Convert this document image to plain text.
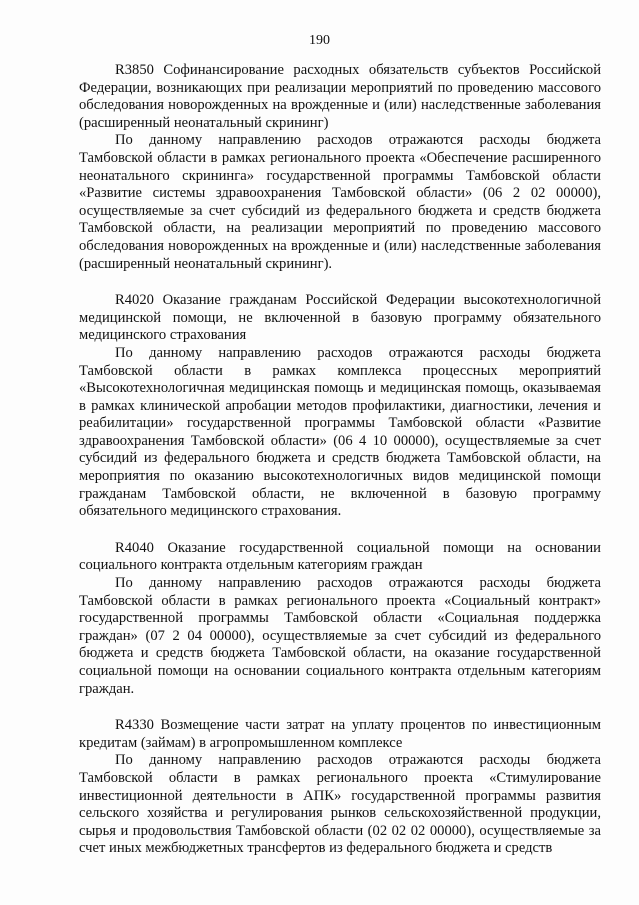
190

R3850 Софинансирование расходных обязательств субъектов Российской Федерации, возникающих при реализации мероприятий по проведению массового обследования новорожденных на врожденные и (или) наследственные заболевания (расширенный неонатальный скрининг)

По данному направлению расходов отражаются расходы бюджета Тамбовской области в рамках регионального проекта «Обеспечение расширенного неонатального скрининга» государственной программы Тамбовской области «Развитие системы здравоохранения Тамбовской области» (06 2 02 00000), осуществляемые за счет субсидий из федерального бюджета и средств бюджета Тамбовской области, на реализации мероприятий по проведению массового обследования новорожденных на врожденные и (или) наследственные заболевания (расширенный неонатальный скрининг).

R4020 Оказание гражданам Российской Федерации высокотехнологичной медицинской помощи, не включенной в базовую программу обязательного медицинского страхования

По данному направлению расходов отражаются расходы бюджета Тамбовской области в рамках комплекса процессных мероприятий «Высокотехнологичная медицинская помощь и медицинская помощь, оказываемая в рамках клинической апробации методов профилактики, диагностики, лечения и реабилитации» государственной программы Тамбовской области «Развитие здравоохранения Тамбовской области» (06 4 10 00000), осуществляемые за счет субсидий из федерального бюджета и средств бюджета Тамбовской области, на мероприятия по оказанию высокотехнологичных видов медицинской помощи гражданам Тамбовской области, не включенной в базовую программу обязательного медицинского страхования.

R4040 Оказание государственной социальной помощи на основании социального контракта отдельным категориям граждан

По данному направлению расходов отражаются расходы бюджета Тамбовской области в рамках регионального проекта «Социальный контракт» государственной программы Тамбовской области «Социальная поддержка граждан» (07 2 04 00000), осуществляемые за счет субсидий из федерального бюджета и средств бюджета Тамбовской области, на оказание государственной социальной помощи на основании социального контракта отдельным категориям граждан.

R4330 Возмещение части затрат на уплату процентов по инвестиционным кредитам (займам) в агропромышленном комплексе

По данному направлению расходов отражаются расходы бюджета Тамбовской области в рамках регионального проекта «Стимулирование инвестиционной деятельности в АПК» государственной программы развития сельского хозяйства и регулирования рынков сельскохозяйственной продукции, сырья и продовольствия Тамбовской области (02 02 02 00000), осуществляемые за счет иных межбюджетных трансфертов из федерального бюджета и средств
